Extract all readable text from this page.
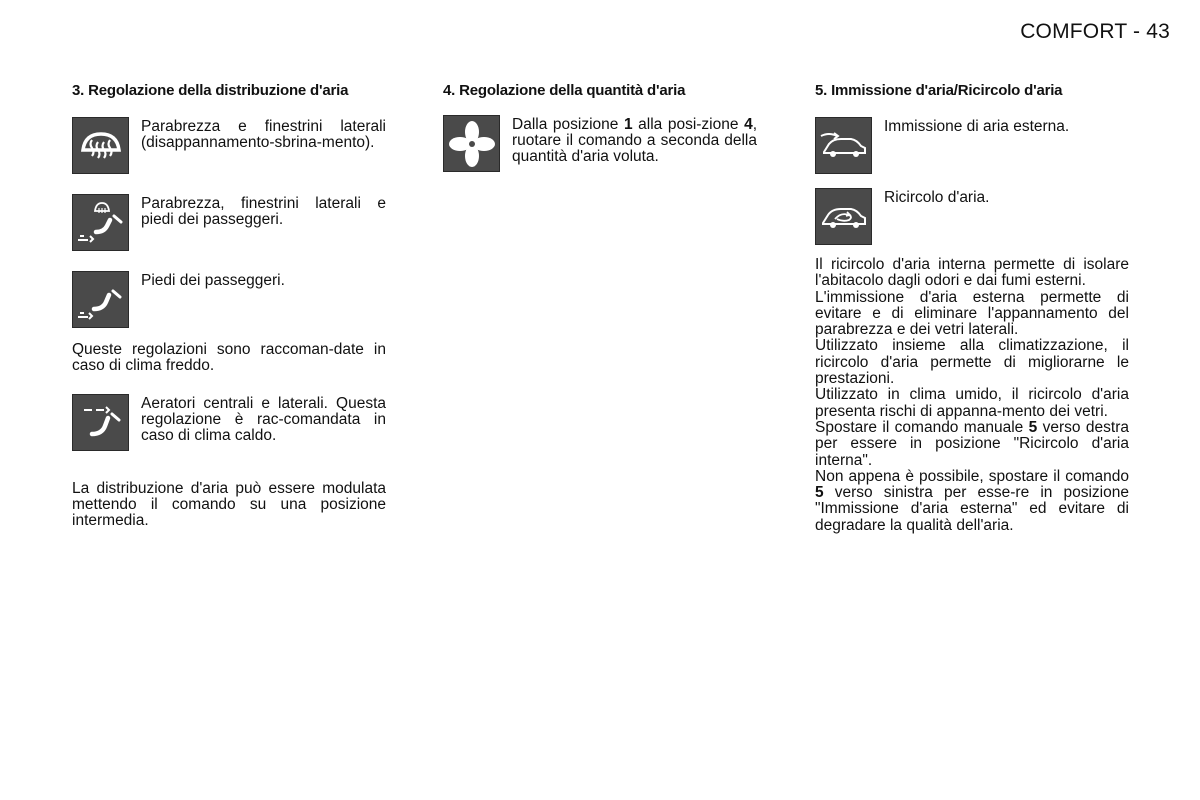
COMFORT - 43
3. Regolazione della distribuzione d'aria
Parabrezza e finestrini laterali (disappannamento-sbrina-mento).
Parabrezza, finestrini laterali e piedi dei passeggeri.
Piedi dei passeggeri.

Queste regolazioni sono raccoman-date in caso di clima freddo.

Aeratori centrali e laterali. Questa regolazione è rac-comandata in caso di clima caldo.

La distribuzione d'aria può essere modulata mettendo il comando su una posizione intermedia.

4. Regolazione della quantità d'aria
Dalla posizione 1 alla posi-zione 4, ruotare il comando a seconda della quantità d'aria voluta.
5. Immissione d'aria/Ricircolo d'aria
Immissione di aria esterna.
Ricircolo d'aria.

Il ricircolo d'aria interna permette di isolare l'abitacolo dagli odori e dai fumi esterni.

L'immissione d'aria esterna permette di evitare e di eliminare l'appannamento del parabrezza e dei vetri laterali.

Utilizzato insieme alla climatizzazione, il ricircolo d'aria permette di migliorarne le prestazioni.

Utilizzato in clima umido, il ricircolo d'aria presenta rischi di appanna-mento dei vetri.

Spostare il comando manuale 5 verso destra per essere in posizione "Ricircolo d'aria interna".

Non appena è possibile, spostare il comando 5 verso sinistra per esse-re in posizione "Immissione d'aria esterna" ed evitare di degradare la qualità dell'aria.
